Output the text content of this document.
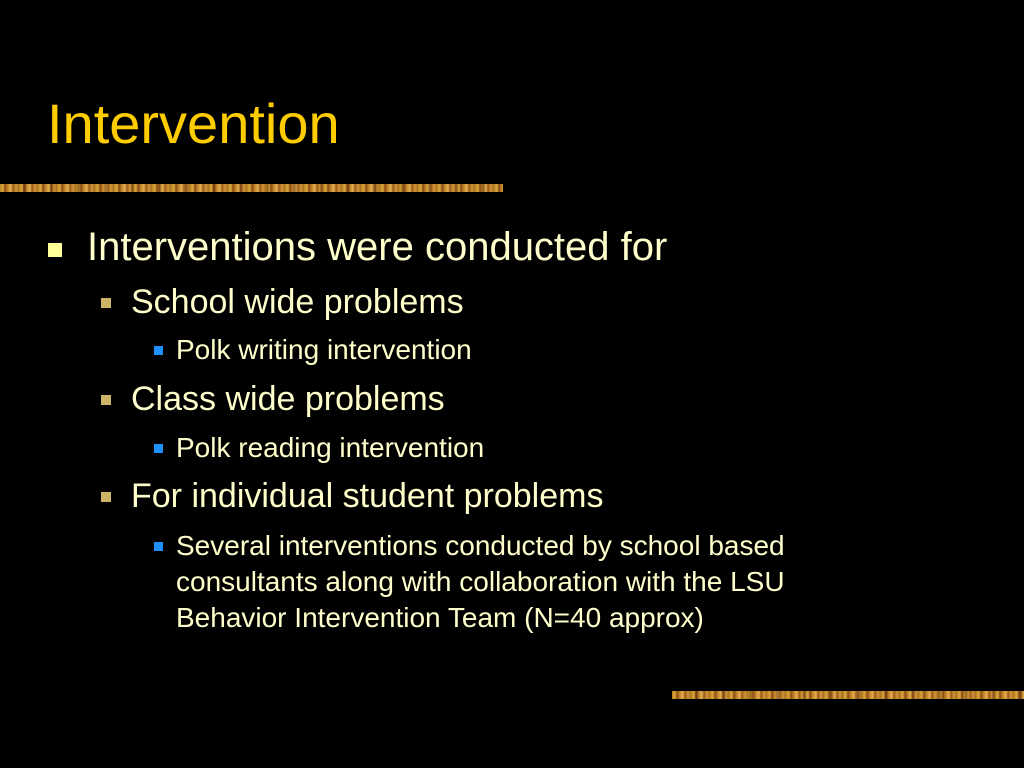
Intervention
Interventions were conducted for
School wide problems
Polk writing intervention
Class wide problems
Polk reading intervention
For individual student problems
Several interventions conducted by school based
consultants along with collaboration with the LSU
Behavior Intervention Team (N=40 approx)
